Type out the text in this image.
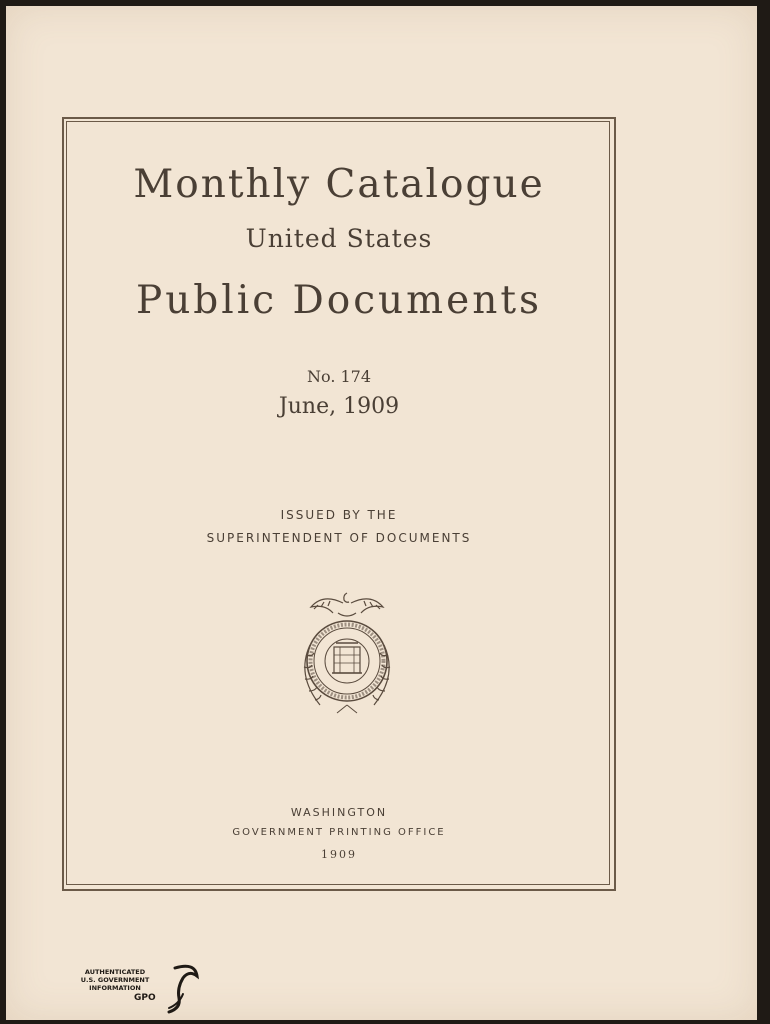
Monthly Catalogue
United States
Public Documents
No. 174
June, 1909
ISSUED BY THE
SUPERINTENDENT OF DOCUMENTS
WASHINGTON
GOVERNMENT PRINTING OFFICE
1909
AUTHENTICATED
U.S. GOVERNMENT
INFORMATION
GPO
